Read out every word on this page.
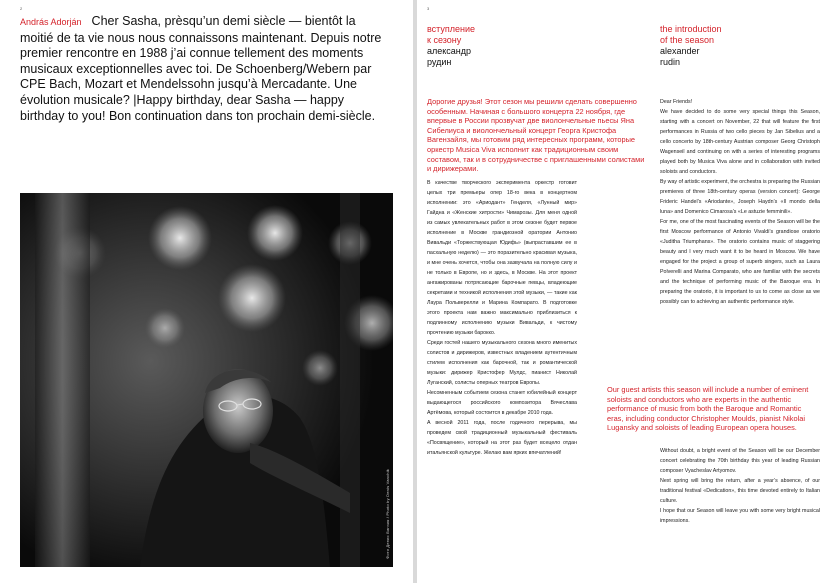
2
András Adorján Cher Sasha, prèsqu’un demi siècle — bientôt la moitié de ta vie nous nous connaissons maintenant. Depuis notre premier rencontre en 1988 j’ai connue tellement des moments musicaux exceptionnelles avec toi. De Schoenberg/Webern par CPE Bach, Mozart et Mendelssohn jusqu’à Mercadante. Une évolution musicale? |Happy birthday, dear Sasha — happy birthday to you! Bon continuation dans ton prochain demi-siècle.
Фото Денис Ванчик / Photo by Denis Vanchik
3
вступление
к сезону
александр
рудин
the introduction
of the season
alexander
rudin
Дорогие друзья! Этот сезон мы решили сделать совершенно особенным. Начиная с большого концерта 22 ноября, где впервые в России прозвучат две виолончельные пьесы Яна Сибелиуса и виолончельный концерт Георга Кристофа Вагензайля, мы готовим ряд интересных программ, которые оркестр Musica Viva исполнит как традиционным своим составом, так и в сотрудничестве с приглашенными солистами и дирижерами.

В качестве творческого эксперимента оркестр готовит целых три премьеры опер 18-го века в концертном исполнении: это «Ариодант» Генделя, «Лунный мир» Гайдна и «Женские хитрости» Чимарозы. Для меня одной из самых увлекательных работ в этом сезоне будет первое исполнение в Москве грандиозной оратории Антонио Вивальди «Торжествующая Юдифь» (выпраставшим ее в пасхальную неделю) — это поразительно красивая музыка, и мне очень хочется, чтобы она зазвучала на полную силу и не только в Европе, но и здесь, в Москве. На этот проект ангажированы потрясающие барочные певцы, владеющие секретами и техникой исполнения этой музыки, — такие как Лаура Польверелли и Марина Компарато. В подготовке этого проекта нам важно максимально приблизиться к подлинному исполнению музыки Вивальди, к чистому прочтению музыки барокко.

Среди гостей нашего музыкального сезона много именитых солистов и дирижеров, известных владением аутентичным стилем исполнения как барочной, так и романтической музыки: дирижер Кристофер Мулдс, пианист Николай Луганский, солисты оперных театров Европы.

Несомненным событием сезона станет юбилейный концерт выдающегося российского композитора Вячеслава Артёмова, который состоится в декабре 2010 года.

А весной 2011 года, после годичного перерыва, мы проведем свой традиционный музыкальный фестиваль «Посвящение», который на этот раз будет всецело отдан итальянской культуре. Желаю вам ярких впечатлений!

Dear Friends!

We have decided to do some very special things this Season, starting with a concert on November, 22 that will feature the first performances in Russia of two cello pieces by Jan Sibelius and a cello concerto by 18th-century Austrian composer Georg Christoph Wagenseil and continuing on with a series of interesting programs played both by Musica Viva alone and in collaboration with invited soloists and conductors.

By way of artistic experiment, the orchestra is preparing the Russian premieres of three 18th-century operas (version concert): George Frideric Handel’s «Ariodante», Joseph Haydn’s «Il mondo della luna» and Domenico Cimarosa’s «Le astuzie femminili».

For me, one of the most fascinating events of the Season will be the first Moscow performance of Antonio Vivaldi’s grandiose oratorio «Juditha Triumphans». The oratorio contains music of staggering beauty and I very much want it to be heard in Moscow. We have engaged for the project a group of superb singers, such as Laura Polverelli and Marina Comparato, who are familiar with the secrets and the technique of performing music of the Baroque era. In preparing the oratorio, it is important to us to come as close as we possibly can to achieving an authentic performance style.

Our guest artists this season will include a number of eminent soloists and conductors who are experts in the authentic performance of music from both the Baroque and Romantic eras, including conductor Christopher Moulds, pianist Nikolai Lugansky and soloists of leading European opera houses.

Without doubt, a bright event of the Season will be our December concert celebrating the 70th birthday this year of leading Russian composer Vyacheslav Artyomov.

Next spring will bring the return, after a year’s absence, of our traditional festival «Dedication», this time devoted entirely to Italian culture.

I hope that our Season will leave you with some very bright musical impressions.
